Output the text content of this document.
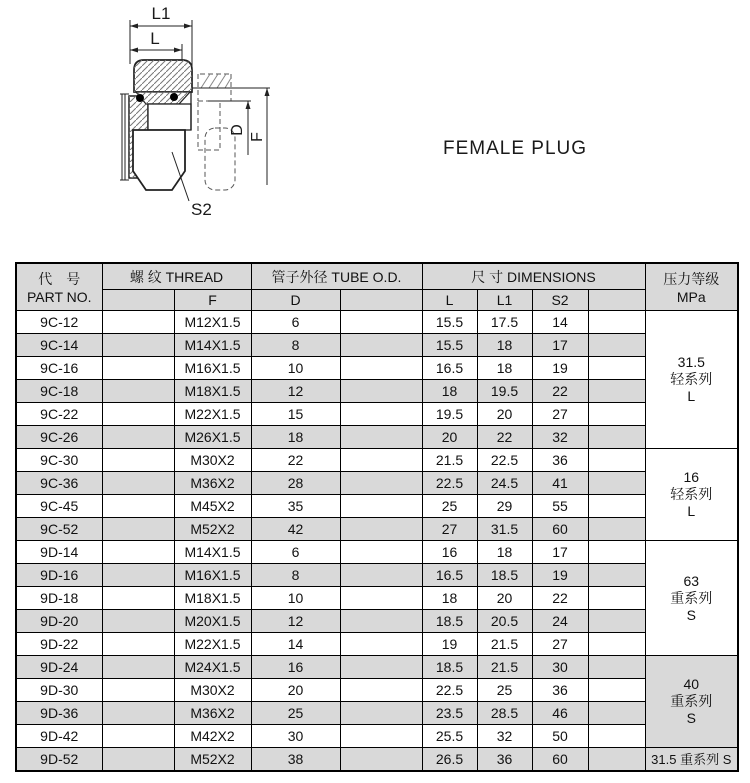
L1
L
D
F
S2
FEMALE PLUG
代　号
PART NO.	螺 纹 THREAD		管子外径 TUBE O.D.		尺 寸 DIMENSIONS				压力等级
MPa
		F	D		L	L1	S2		
9C-12		M12X1.5	6		15.5	17.5	14		31.5
轻系列
L
9C-14		M14X1.5	8		15.5	18	17		
9C-16		M16X1.5	10		16.5	18	19		
9C-18		M18X1.5	12		18	19.5	22		
9C-22		M22X1.5	15		19.5	20	27		
9C-26		M26X1.5	18		20	22	32		
9C-30		M30X2	22		21.5	22.5	36		16
轻系列
L
9C-36		M36X2	28		22.5	24.5	41		
9C-45		M45X2	35		25	29	55		
9C-52		M52X2	42		27	31.5	60		
9D-14		M14X1.5	6		16	18	17		63
重系列
S
9D-16		M16X1.5	8		16.5	18.5	19		
9D-18		M18X1.5	10		18	20	22		
9D-20		M20X1.5	12		18.5	20.5	24		
9D-22		M22X1.5	14		19	21.5	27		
9D-24		M24X1.5	16		18.5	21.5	30		40
重系列
S
9D-30		M30X2	20		22.5	25	36		
9D-36		M36X2	25		23.5	28.5	46		
9D-42		M42X2	30		25.5	32	50		
9D-52		M52X2	38		26.5	36	60		31.5 重系列 S
